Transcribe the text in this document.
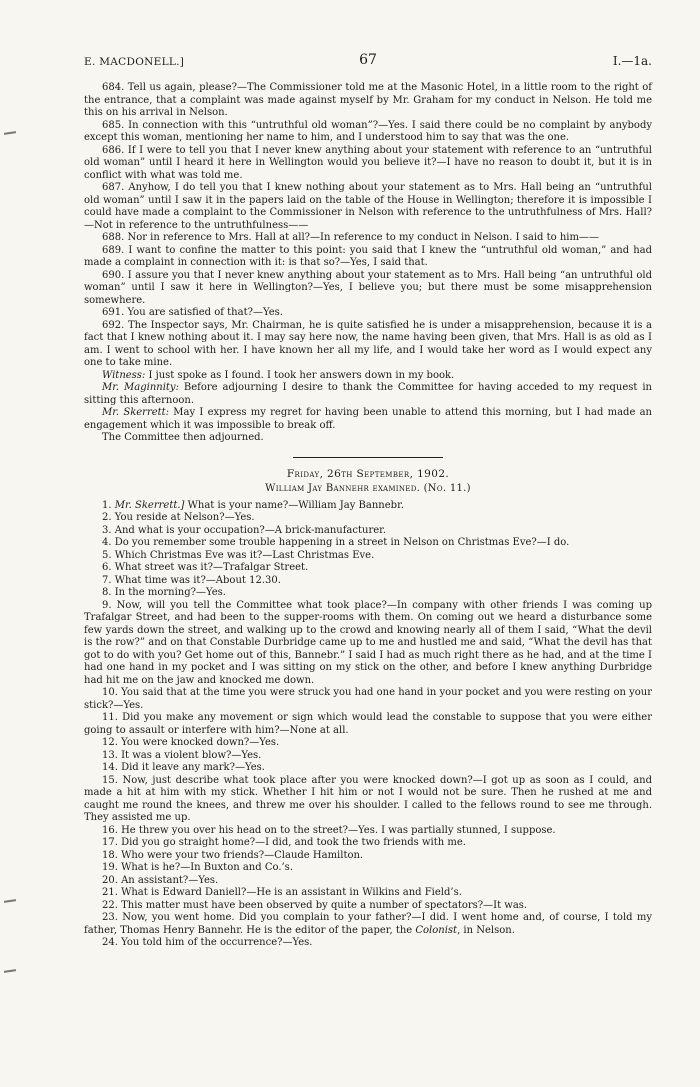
E. MACDONELL.]	67	I.—1a.

684. Tell us again, please?—The Commissioner told me at the Masonic Hotel, in a little room to the right of the entrance, that a complaint was made against myself by Mr. Graham for my conduct in Nelson. He told me this on his arrival in Nelson.

685. In connection with this “untruthful old woman”?—Yes. I said there could be no complaint by anybody except this woman, mentioning her name to him, and I understood him to say that was the one.

686. If I were to tell you that I never knew anything about your statement with reference to an “untruthful old woman” until I heard it here in Wellington would you believe it?—I have no reason to doubt it, but it is in conflict with what was told me.

687. Anyhow, I do tell you that I knew nothing about your statement as to Mrs. Hall being an “untruthful old woman” until I saw it in the papers laid on the table of the House in Wellington; therefore it is impossible I could have made a complaint to the Commissioner in Nelson with reference to the untruthfulness of Mrs. Hall?—Not in reference to the untruthfulness——

688. Nor in reference to Mrs. Hall at all?—In reference to my conduct in Nelson. I said to him——

689. I want to confine the matter to this point: you said that I knew the “untruthful old woman,” and had made a complaint in connection with it: is that so?—Yes, I said that.

690. I assure you that I never knew anything about your statement as to Mrs. Hall being “an untruthful old woman” until I saw it here in Wellington?—Yes, I believe you; but there must be some misapprehension somewhere.

691. You are satisfied of that?—Yes.

692. The Inspector says, Mr. Chairman, he is quite satisfied he is under a misapprehension, because it is a fact that I knew nothing about it. I may say here now, the name having been given, that Mrs. Hall is as old as I am. I went to school with her. I have known her all my life, and I would take her word as I would expect any one to take mine.

Witness: I just spoke as I found. I took her answers down in my book.

Mr. Maginnity: Before adjourning I desire to thank the Committee for having acceded to my request in sitting this afternoon.

Mr. Skerrett: May I express my regret for having been unable to attend this morning, but I had made an engagement which it was impossible to break off.

The Committee then adjourned.

Friday, 26th September, 1902.
William Jay Bannehr examined. (No. 11.)

1. Mr. Skerrett.] What is your name?—William Jay Bannebr.

2. You reside at Nelson?—Yes.

3. And what is your occupation?—A brick-manufacturer.

4. Do you remember some trouble happening in a street in Nelson on Christmas Eve?—I do.

5. Which Christmas Eve was it?—Last Christmas Eve.

6. What street was it?—Trafalgar Street.

7. What time was it?—About 12.30.

8. In the morning?—Yes.

9. Now, will you tell the Committee what took place?—In company with other friends I was coming up Trafalgar Street, and had been to the supper-rooms with them. On coming out we heard a disturbance some few yards down the street, and walking up to the crowd and knowing nearly all of them I said, “What the devil is the row?” and on that Constable Durbridge came up to me and hustled me and said, “What the devil has that got to do with you? Get home out of this, Bannebr.” I said I had as much right there as he had, and at the time I had one hand in my pocket and I was sitting on my stick on the other, and before I knew anything Durbridge had hit me on the jaw and knocked me down.

10. You said that at the time you were struck you had one hand in your pocket and you were resting on your stick?—Yes.

11. Did you make any movement or sign which would lead the constable to suppose that you were either going to assault or interfere with him?—None at all.

12. You were knocked down?—Yes.

13. It was a violent blow?—Yes.

14. Did it leave any mark?—Yes.

15. Now, just describe what took place after you were knocked down?—I got up as soon as I could, and made a hit at him with my stick. Whether I hit him or not I would not be sure. Then he rushed at me and caught me round the knees, and threw me over his shoulder. I called to the fellows round to see me through. They assisted me up.

16. He threw you over his head on to the street?—Yes. I was partially stunned, I suppose.

17. Did you go straight home?—I did, and took the two friends with me.

18. Who were your two friends?—Claude Hamilton.

19. What is he?—In Buxton and Co.’s.

20. An assistant?—Yes.

21. What is Edward Daniell?—He is an assistant in Wilkins and Field’s.

22. This matter must have been observed by quite a number of spectators?—It was.

23. Now, you went home. Did you complain to your father?—I did. I went home and, of course, I told my father, Thomas Henry Bannehr. He is the editor of the paper, the Colonist, in Nelson.

24. You told him of the occurrence?—Yes.
